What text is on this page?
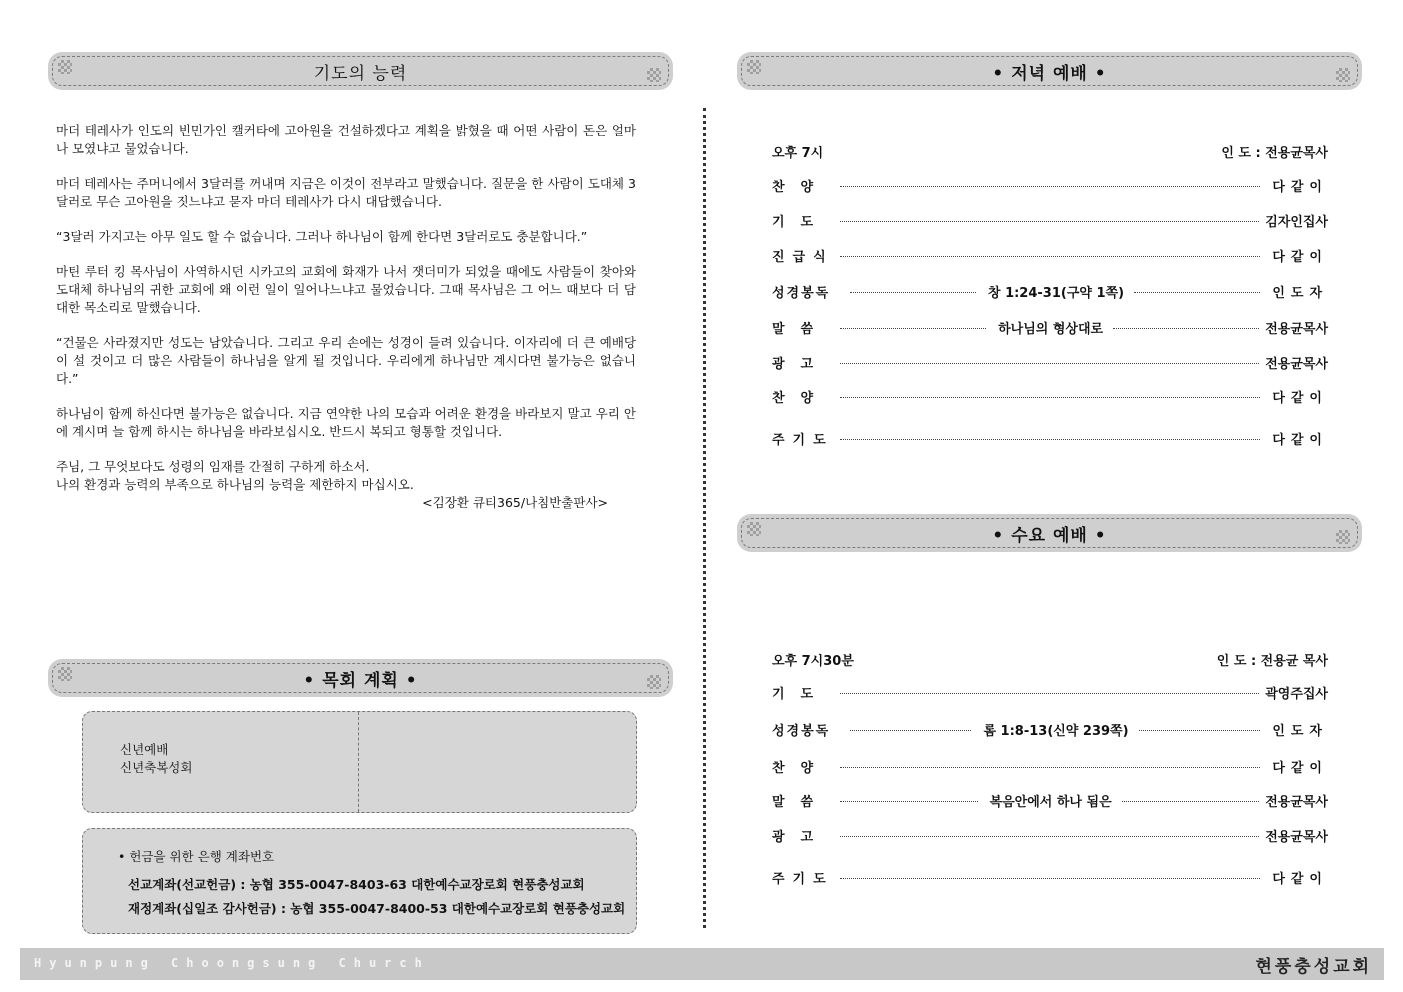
기도의 능력

마더 테레사가 인도의 빈민가인 캘커타에 고아원을 건설하겠다고 계획을 밝혔을 때 어떤 사람이 돈은 얼마나 모였냐고 물었습니다.

마더 테레사는 주머니에서 3달러를 꺼내며 지금은 이것이 전부라고 말했습니다. 질문을 한 사람이 도대체 3달러로 무슨 고아원을 짓느냐고 묻자 마더 테레사가 다시 대답했습니다.

“3달러 가지고는 아무 일도 할 수 없습니다. 그러나 하나님이 함께 한다면 3달러로도 충분합니다.”

마틴 루터 킹 목사님이 사역하시던 시카고의 교회에 화재가 나서 잿더미가 되었을 때에도 사람들이 찾아와 도대체 하나님의 귀한 교회에 왜 이런 일이 일어나느냐고 물었습니다. 그때 목사님은 그 어느 때보다 더 담대한 목소리로 말했습니다.

“건물은 사라졌지만 성도는 남았습니다. 그리고 우리 손에는 성경이 들려 있습니다. 이자리에 더 큰 예배당이 설 것이고 더 많은 사람들이 하나님을 알게 될 것입니다. 우리에게 하나님만 계시다면 불가능은 없습니다.”

하나님이 함께 하신다면 불가능은 없습니다. 지금 연약한 나의 모습과 어려운 환경을 바라보지 말고 우리 안에 계시며 늘 함께 하시는 하나님을 바라보십시오. 반드시 복되고 형통할 것입니다.

주님, 그 무엇보다도 성령의 임재를 간절히 구하게 하소서.
나의 환경과 능력의 부족으로 하나님의 능력을 제한하지 마십시오.

<김장환 큐티365/나침반출판사>

• 목회 계획 •
신년예배
신년축복성회
• 헌금을 위한 은행 계좌번호
선교계좌(선교헌금) : 농협 355-0047-8403-63 대한예수교장로회 현풍충성교회
재정계좌(십일조 감사헌금) : 농협 355-0047-8400-53 대한예수교장로회 현풍충성교회
• 저녁 예배 •
오후 7시	인 도 : 전용균목사
찬양	다같이
기도	김자인집사
진급식	다같이
성경봉독	창 1:24-31(구약 1쪽)	인도자
말씀	하나님의 형상대로	전용균목사
광고	전용균목사
찬양	다같이
주기도	다같이
• 수요 예배 •
오후 7시30분	인 도 : 전용균 목사
기도	곽영주집사
성경봉독	롬 1:8-13(신약 239쪽)	인도자
찬양	다같이
말씀	복음안에서 하나 됨은	전용균목사
광고	전용균목사
주기도	다같이
Hyunpung Choongsung Church	현풍충성교회
